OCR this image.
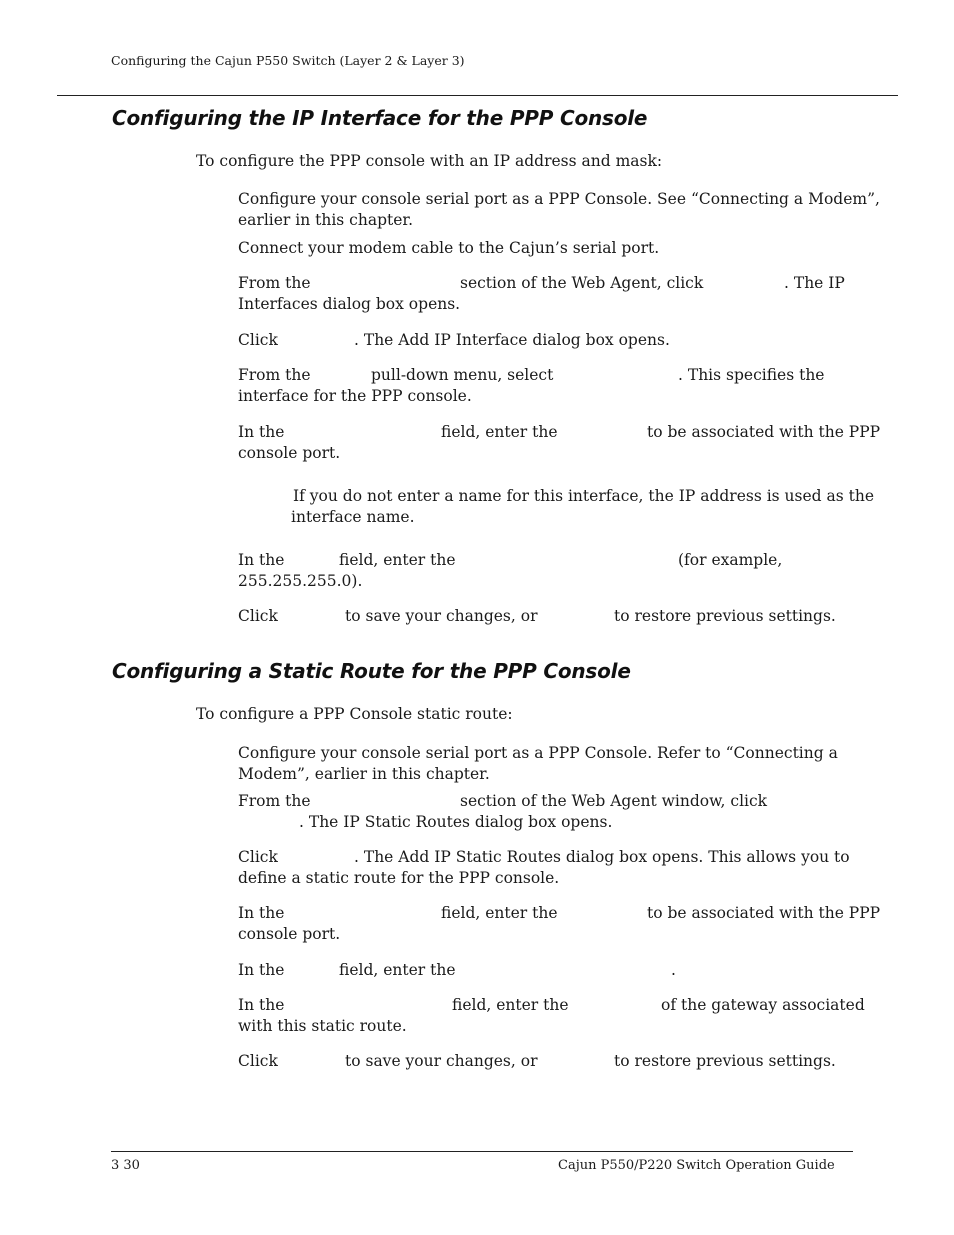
Configuring the Cajun P550 Switch (Layer 2 & Layer 3)
Configuring the IP Interface for the PPP Console
To configure the PPP console with an IP address and mask:
Configure your console serial port as a PPP Console. See “Connecting a Modem”,
earlier in this chapter.
Connect your modem cable to the Cajun’s serial port.
From the	section of the Web Agent, click	. The IP
Interfaces dialog box opens.
Click	. The Add IP Interface dialog box opens.
From the	pull-down menu, select	. This specifies the
interface for the PPP console.
In the	field, enter the	to be associated with the PPP
console port.
If you do not enter a name for this interface, the IP address is used as the
interface name.
In the	field, enter the	(for example,
255.255.255.0).
Click	to save your changes, or	to restore previous settings.
Configuring a Static Route for the PPP Console
To configure a PPP Console static route:
Configure your console serial port as a PPP Console. Refer to “Connecting a
Modem”, earlier in this chapter.
From the	section of the Web Agent window, click
. The IP Static Routes dialog box opens.
Click	. The Add IP Static Routes dialog box opens. This allows you to
define a static route for the PPP console.
In the	field, enter the	to be associated with the PPP
console port.
In the	field, enter the	.
In the	field, enter the	of the gateway associated
with this static route.
Click	to save your changes, or	to restore previous settings.
3 30	Cajun P550/P220 Switch Operation Guide
